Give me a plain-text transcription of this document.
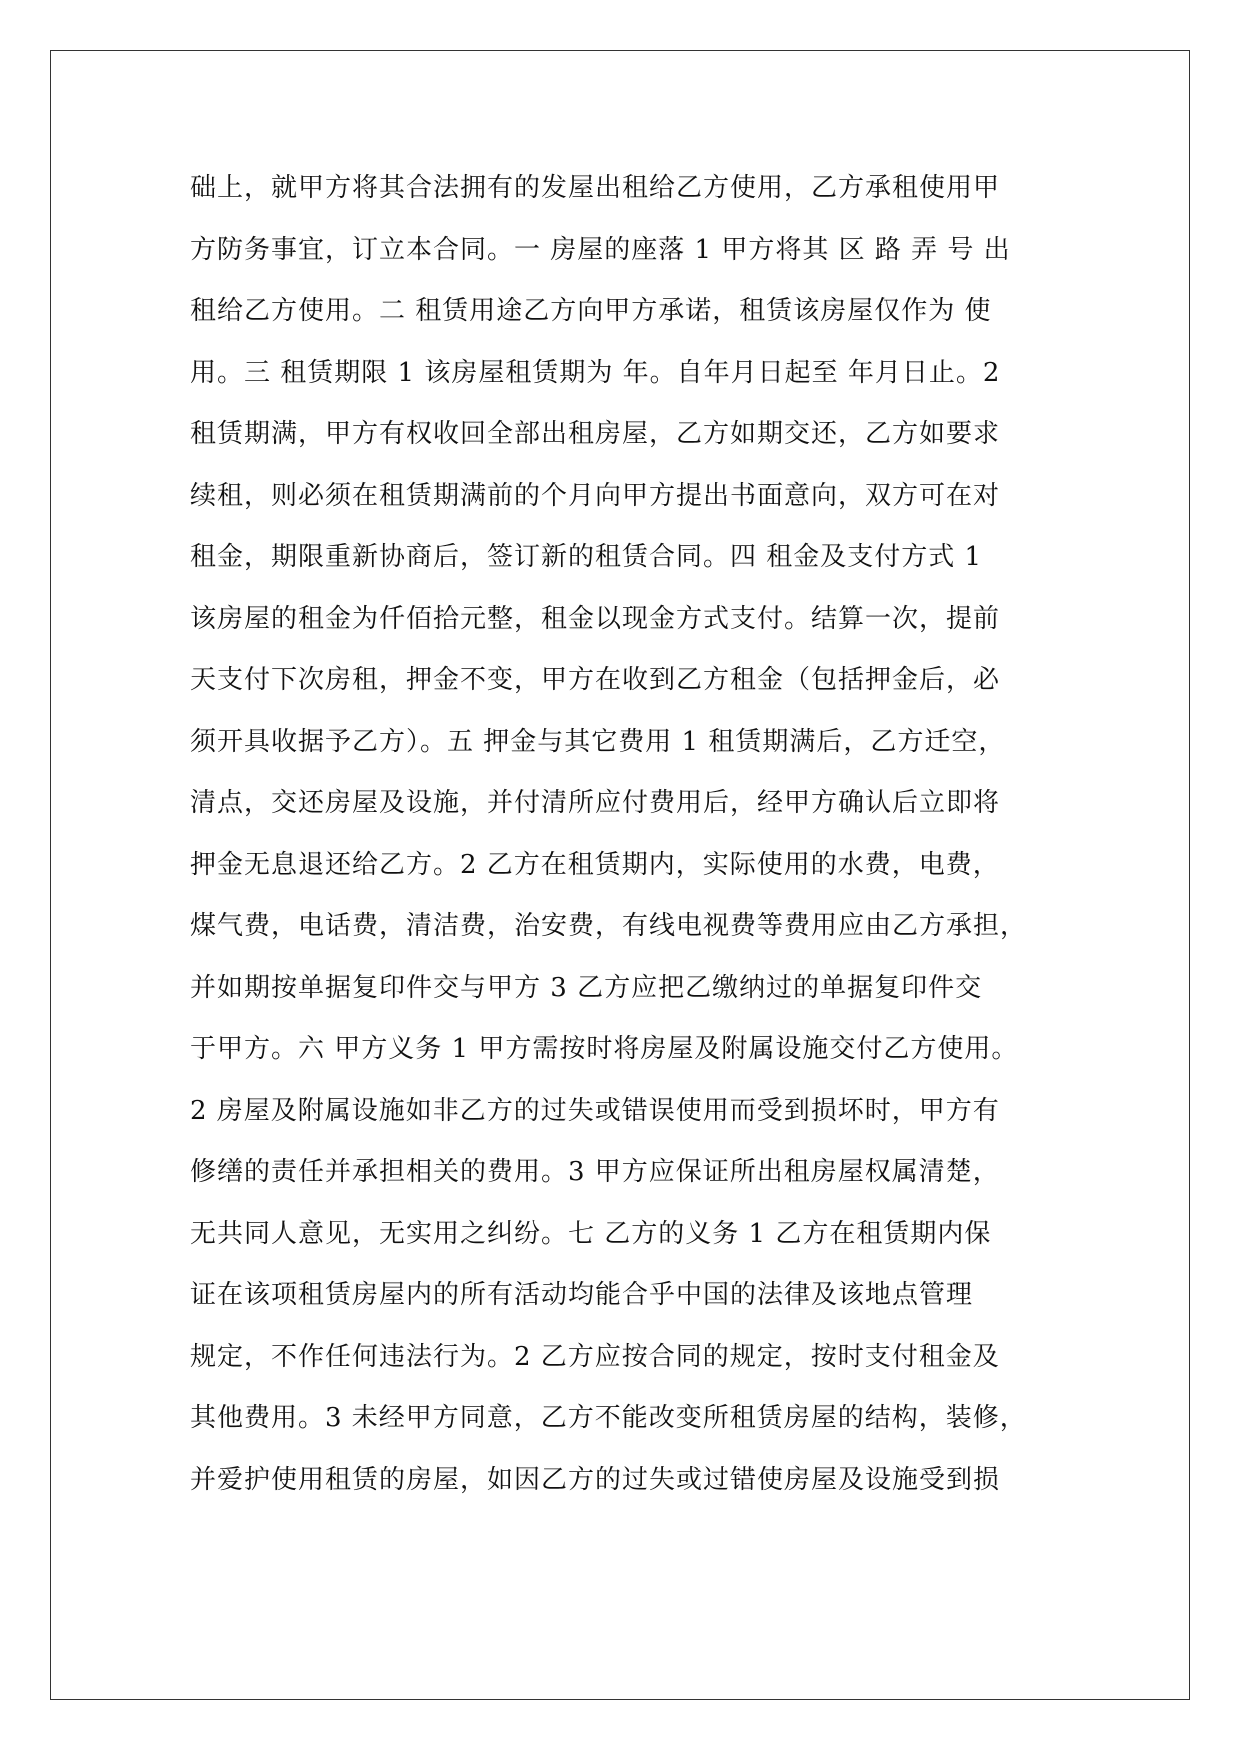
础上，就甲方将其合法拥有的发屋出租给乙方使用，乙方承租使用甲
方防务事宜，订立本合同。一 房屋的座落 1 甲方将其 区 路 弄 号 出
租给乙方使用。二 租赁用途乙方向甲方承诺，租赁该房屋仅作为 使
用。三 租赁期限 1 该房屋租赁期为 年。自年月日起至 年月日止。2
租赁期满，甲方有权收回全部出租房屋，乙方如期交还，乙方如要求
续租，则必须在租赁期满前的个月向甲方提出书面意向，双方可在对
租金，期限重新协商后，签订新的租赁合同。四 租金及支付方式 1
该房屋的租金为仟佰拾元整，租金以现金方式支付。结算一次，提前
天支付下次房租，押金不变，甲方在收到乙方租金（包括押金后，必
须开具收据予乙方）。五 押金与其它费用 1 租赁期满后，乙方迁空，
清点，交还房屋及设施，并付清所应付费用后，经甲方确认后立即将
押金无息退还给乙方。2 乙方在租赁期内，实际使用的水费，电费，
煤气费，电话费，清洁费，治安费，有线电视费等费用应由乙方承担，
并如期按单据复印件交与甲方 3 乙方应把乙缴纳过的单据复印件交
于甲方。六 甲方义务 1 甲方需按时将房屋及附属设施交付乙方使用。
2 房屋及附属设施如非乙方的过失或错误使用而受到损坏时，甲方有
修缮的责任并承担相关的费用。3 甲方应保证所出租房屋权属清楚，
无共同人意见，无实用之纠纷。七 乙方的义务 1 乙方在租赁期内保
证在该项租赁房屋内的所有活动均能合乎中国的法律及该地点管理
规定，不作任何违法行为。2 乙方应按合同的规定，按时支付租金及
其他费用。3 未经甲方同意，乙方不能改变所租赁房屋的结构，装修，
并爱护使用租赁的房屋，如因乙方的过失或过错使房屋及设施受到损
